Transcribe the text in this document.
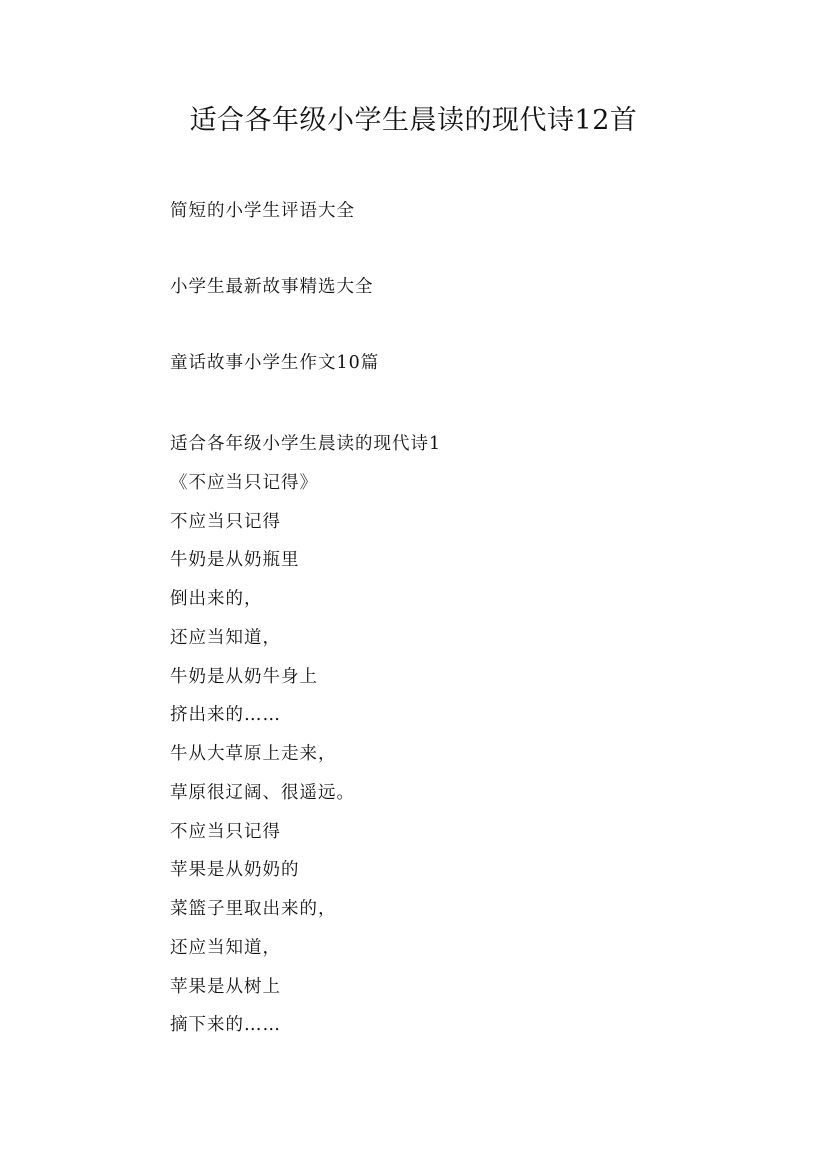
适合各年级小学生晨读的现代诗12首
简短的小学生评语大全
小学生最新故事精选大全
童话故事小学生作文10篇
适合各年级小学生晨读的现代诗1
《不应当只记得》
不应当只记得
牛奶是从奶瓶里
倒出来的，
还应当知道，
牛奶是从奶牛身上
挤出来的……
牛从大草原上走来，
草原很辽阔、很遥远。
不应当只记得
苹果是从奶奶的
菜篮子里取出来的，
还应当知道，
苹果是从树上
摘下来的……
